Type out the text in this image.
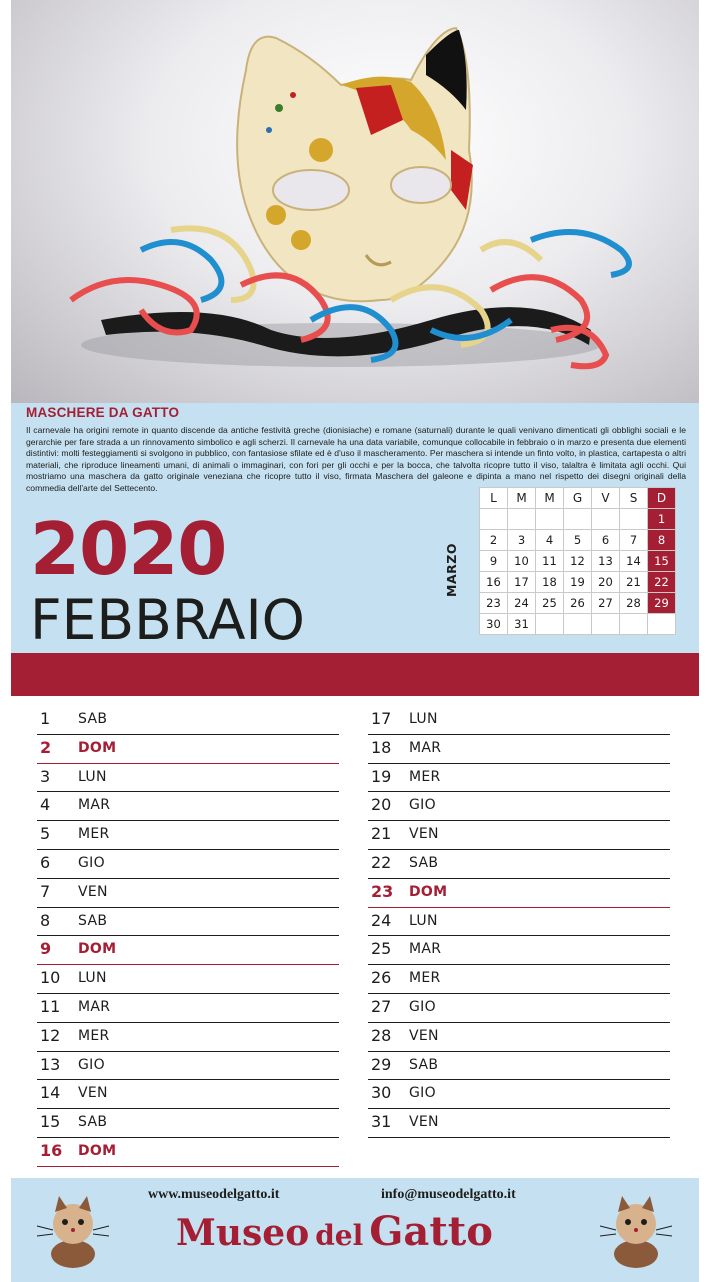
MASCHERE DA GATTO
Il carnevale ha origini remote in quanto discende da antiche festività greche (dionisiache) e romane (saturnali) durante le quali venivano dimenticati gli obblighi sociali e le gerarchie per fare strada a un rinnovamento simbolico e agli scherzi. Il carnevale ha una data variabile, comunque collocabile in febbraio o in marzo e presenta due elementi distintivi: molti festeggiamenti si svolgono in pubblico, con fantasiose sfilate ed è d'uso il mascheramento. Per maschera si intende un finto volto, in plastica, cartapesta o altri materiali, che riproduce lineamenti umani, di animali o immaginari, con fori per gli occhi e per la bocca, che talvolta ricopre tutto il viso, talaltra è limitata agli occhi. Qui mostriamo una maschera da gatto originale veneziana che ricopre tutto il viso, firmata Maschera del galeone e dipinta a mano nel rispetto dei disegni originali della commedia dell'arte del Settecento.
2020
FEBBRAIO
MARZO
L	M	M	G	V	S	D
						1
2	3	4	5	6	7	8
9	10	11	12	13	14	15
16	17	18	19	20	21	22
23	24	25	26	27	28	29
30	31					
1 SAB
2 DOM
3 LUN
4 MAR
5 MER
6 GIO
7 VEN
8 SAB
9 DOM
10 LUN
11 MAR
12 MER
13 GIO
14 VEN
15 SAB
16 DOM
17 LUN
18 MAR
19 MER
20 GIO
21 VEN
22 SAB
23 DOM
24 LUN
25 MAR
26 MER
27 GIO
28 VEN
29 SAB
30 GIO
31 VEN
www.museodelgatto.it	info@museodelgatto.it
Museo del Gatto
